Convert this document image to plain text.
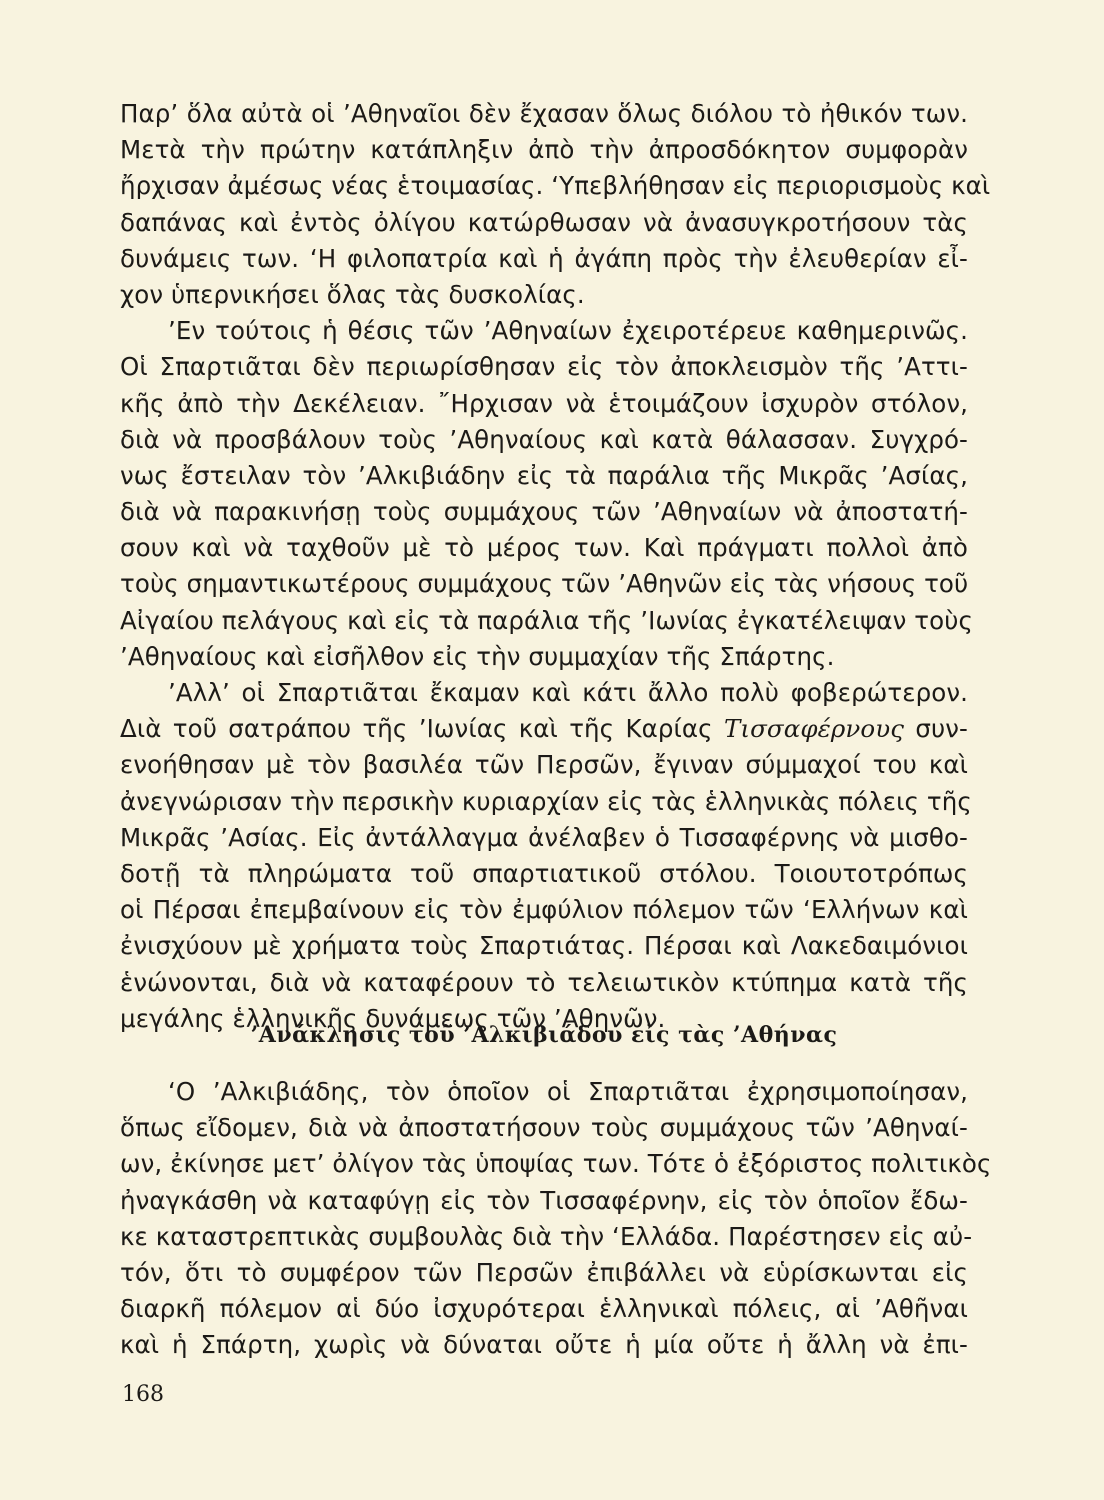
Παρ’ ὅλα αὐτὰ οἱ ’Αθηναῖοι δὲν ἔχασαν ὅλως διόλου τὸ ἠθικόν των.
Μετὰ τὴν πρώτην κατάπληξιν ἀπὸ τὴν ἀπροσδόκητον συμφορὰν
ἤρχισαν ἀμέσως νέας ἑτοιμασίας. ‘Υπεβλήθησαν εἰς περιορισμοὺς καὶ
δαπάνας καὶ ἐντὸς ὀλίγου κατώρθωσαν νὰ ἀνασυγκροτήσουν τὰς
δυνάμεις των. ‘Η φιλοπατρία καὶ ἡ ἀγάπη πρὸς τὴν ἐλευθερίαν εἶ-
χον ὑπερνικήσει ὅλας τὰς δυσκολίας.
’Εν τούτοις ἡ θέσις τῶν ’Αθηναίων ἐχειροτέρευε καθημερινῶς.
Οἱ Σπαρτιᾶται δὲν περιωρίσθησαν εἰς τὸν ἀποκλεισμὸν τῆς ’Αττι-
κῆς ἀπὸ τὴν Δεκέλειαν. ῎Ηρχισαν νὰ ἑτοιμάζουν ἰσχυρὸν στόλον,
διὰ νὰ προσβάλουν τοὺς ’Αθηναίους καὶ κατὰ θάλασσαν. Συγχρό-
νως ἔστειλαν τὸν ’Αλκιβιάδην εἰς τὰ παράλια τῆς Μικρᾶς ’Ασίας,
διὰ νὰ παρακινήσῃ τοὺς συμμάχους τῶν ’Αθηναίων νὰ ἀποστατή-
σουν καὶ νὰ ταχθοῦν μὲ τὸ μέρος των. Καὶ πράγματι πολλοὶ ἀπὸ
τοὺς σημαντικωτέρους συμμάχους τῶν ’Αθηνῶν εἰς τὰς νήσους τοῦ
Αἰγαίου πελάγους καὶ εἰς τὰ παράλια τῆς ’Ιωνίας ἐγκατέλειψαν τοὺς
’Αθηναίους καὶ εἰσῆλθον εἰς τὴν συμμαχίαν τῆς Σπάρτης.
’Αλλ’ οἱ Σπαρτιᾶται ἔκαμαν καὶ κάτι ἄλλο πολὺ φοβερώτερον.
Διὰ τοῦ σατράπου τῆς ’Ιωνίας καὶ τῆς Καρίας Τισσαφέρνους συν-
ενοήθησαν μὲ τὸν βασιλέα τῶν Περσῶν, ἔγιναν σύμμαχοί του καὶ
ἀνεγνώρισαν τὴν περσικὴν κυριαρχίαν εἰς τὰς ἑλληνικὰς πόλεις τῆς
Μικρᾶς ’Ασίας. Εἰς ἀντάλλαγμα ἀνέλαβεν ὁ Τισσαφέρνης νὰ μισθο-
δοτῇ τὰ πληρώματα τοῦ σπαρτιατικοῦ στόλου. Τοιουτοτρόπως
οἱ Πέρσαι ἐπεμβαίνουν εἰς τὸν ἐμφύλιον πόλεμον τῶν ‘Ελλήνων καὶ
ἐνισχύουν μὲ χρήματα τοὺς Σπαρτιάτας. Πέρσαι καὶ Λακεδαιμόνιοι
ἑνώνονται, διὰ νὰ καταφέρουν τὸ τελειωτικὸν κτύπημα κατὰ τῆς
μεγάλης ἑλληνικῆς δυνάμεως τῶν ’Αθηνῶν.
’Ανάκλησις τοῦ ’Αλκιβιάδου εἰς τὰς ’Αθήνας
‘Ο ’Αλκιβιάδης, τὸν ὁποῖον οἱ Σπαρτιᾶται ἐχρησιμοποίησαν,
ὅπως εἴδομεν, διὰ νὰ ἀποστατήσουν τοὺς συμμάχους τῶν ’Αθηναί-
ων, ἐκίνησε μετ’ ὀλίγον τὰς ὑποψίας των. Τότε ὁ ἐξόριστος πολιτικὸς
ἠναγκάσθη νὰ καταφύγῃ εἰς τὸν Τισσαφέρνην, εἰς τὸν ὁποῖον ἔδω-
κε καταστρεπτικὰς συμβουλὰς διὰ τὴν ‘Ελλάδα. Παρέστησεν εἰς αὐ-
τόν, ὅτι τὸ συμφέρον τῶν Περσῶν ἐπιβάλλει νὰ εὑρίσκωνται εἰς
διαρκῆ πόλεμον αἱ δύο ἰσχυρότεραι ἑλληνικαὶ πόλεις, αἱ ’Αθῆναι
καὶ ἡ Σπάρτη, χωρὶς νὰ δύναται οὔτε ἡ μία οὔτε ἡ ἄλλη νὰ ἐπι-
168
